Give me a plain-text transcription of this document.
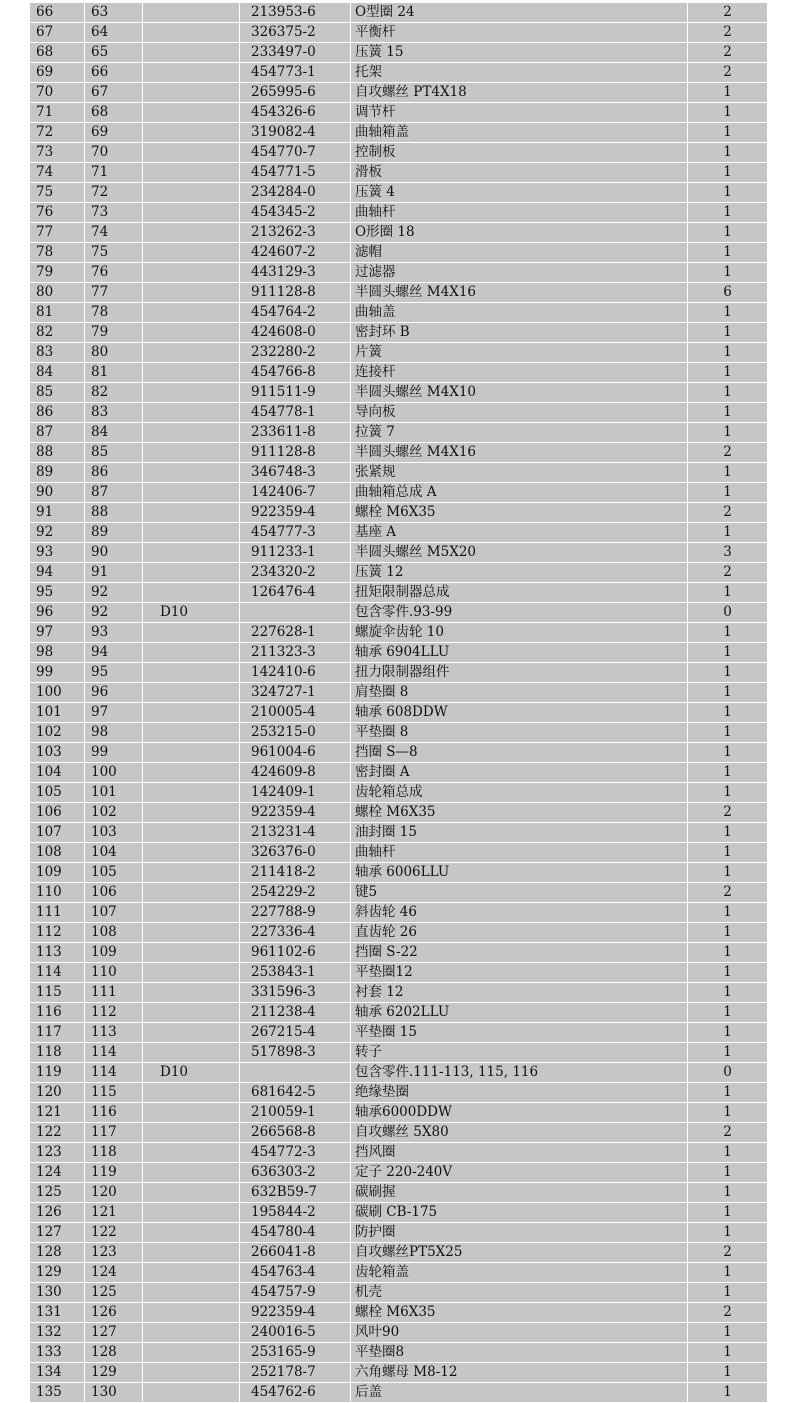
66	63		213953-6	O型圈 24	2
67	64		326375-2	平衡杆	2
68	65		233497-0	压簧 15	2
69	66		454773-1	托架	2
70	67		265995-6	自攻螺丝 PT4X18	1
71	68		454326-6	调节杆	1
72	69		319082-4	曲轴箱盖	1
73	70		454770-7	控制板	1
74	71		454771-5	滑板	1
75	72		234284-0	压簧 4	1
76	73		454345-2	曲轴杆	1
77	74		213262-3	O形圈 18	1
78	75		424607-2	滤帽	1
79	76		443129-3	过滤器	1
80	77		911128-8	半圆头螺丝 M4X16	6
81	78		454764-2	曲轴盖	1
82	79		424608-0	密封环 B	1
83	80		232280-2	片簧	1
84	81		454766-8	连接杆	1
85	82		911511-9	半圆头螺丝 M4X10	1
86	83		454778-1	导向板	1
87	84		233611-8	拉簧 7	1
88	85		911128-8	半圆头螺丝 M4X16	2
89	86		346748-3	张紧规	1
90	87		142406-7	曲轴箱总成 A	1
91	88		922359-4	螺栓 M6X35	2
92	89		454777-3	基座 A	1
93	90		911233-1	半圆头螺丝 M5X20	3
94	91		234320-2	压簧 12	2
95	92		126476-4	扭矩限制器总成	1
96	92	D10		包含零件.93-99	0
97	93		227628-1	螺旋伞齿轮 10	1
98	94		211323-3	轴承 6904LLU	1
99	95		142410-6	扭力限制器组件	1
100	96		324727-1	肩垫圈 8	1
101	97		210005-4	轴承 608DDW	1
102	98		253215-0	平垫圈 8	1
103	99		961004-6	挡圈 S—8	1
104	100		424609-8	密封圈 A	1
105	101		142409-1	齿轮箱总成	1
106	102		922359-4	螺栓 M6X35	2
107	103		213231-4	油封圈 15	1
108	104		326376-0	曲轴杆	1
109	105		211418-2	轴承 6006LLU	1
110	106		254229-2	键5	2
111	107		227788-9	斜齿轮 46	1
112	108		227336-4	直齿轮 26	1
113	109		961102-6	挡圈 S-22	1
114	110		253843-1	平垫圈12	1
115	111		331596-3	衬套 12	1
116	112		211238-4	轴承 6202LLU	1
117	113		267215-4	平垫圈 15	1
118	114		517898-3	转子	1
119	114	D10		包含零件.111-113, 115, 116	0
120	115		681642-5	绝缘垫圈	1
121	116		210059-1	轴承6000DDW	1
122	117		266568-8	自攻螺丝 5X80	2
123	118		454772-3	挡风圈	1
124	119		636303-2	定子 220-240V	1
125	120		632B59-7	碳刷握	1
126	121		195844-2	碳刷 CB-175	1
127	122		454780-4	防护圈	1
128	123		266041-8	自攻螺丝PT5X25	2
129	124		454763-4	齿轮箱盖	1
130	125		454757-9	机壳	1
131	126		922359-4	螺栓 M6X35	2
132	127		240016-5	风叶90	1
133	128		253165-9	平垫圈8	1
134	129		252178-7	六角螺母 M8-12	1
135	130		454762-6	后盖	1
